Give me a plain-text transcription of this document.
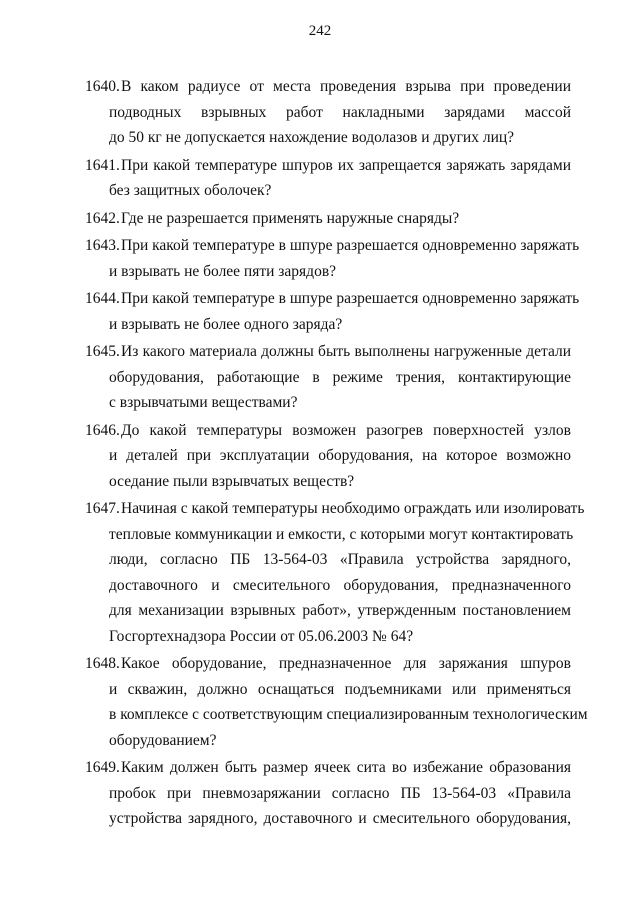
242
1640. В каком радиусе от места проведения взрыва при проведении
подводных взрывных работ накладными зарядами массой
до 50 кг не допускается нахождение водолазов и других лиц?
1641. При какой температуре шпуров их запрещается заряжать зарядами
без защитных оболочек?
1642. Где не разрешается применять наружные снаряды?
1643. При какой температуре в шпуре разрешается одновременно заряжать
и взрывать не более пяти зарядов?
1644. При какой температуре в шпуре разрешается одновременно заряжать
и взрывать не более одного заряда?
1645. Из какого материала должны быть выполнены нагруженные детали
оборудования, работающие в режиме трения, контактирующие
с взрывчатыми веществами?
1646. До какой температуры возможен разогрев поверхностей узлов
и деталей при эксплуатации оборудования, на которое возможно
оседание пыли взрывчатых веществ?
1647. Начиная с какой температуры необходимо ограждать или изолировать
тепловые коммуникации и емкости, с которыми могут контактировать
люди, согласно ПБ 13-564-03 «Правила устройства зарядного,
доставочного и смесительного оборудования, предназначенного
для механизации взрывных работ», утвержденным постановлением
Госгортехнадзора России от 05.06.2003 № 64?
1648. Какое оборудование, предназначенное для заряжания шпуров
и скважин, должно оснащаться подъемниками или применяться
в комплексе с соответствующим специализированным технологическим
оборудованием?
1649. Каким должен быть размер ячеек сита во избежание образования
пробок при пневмозаряжании согласно ПБ 13-564-03 «Правила
устройства зарядного, доставочного и смесительного оборудования,
